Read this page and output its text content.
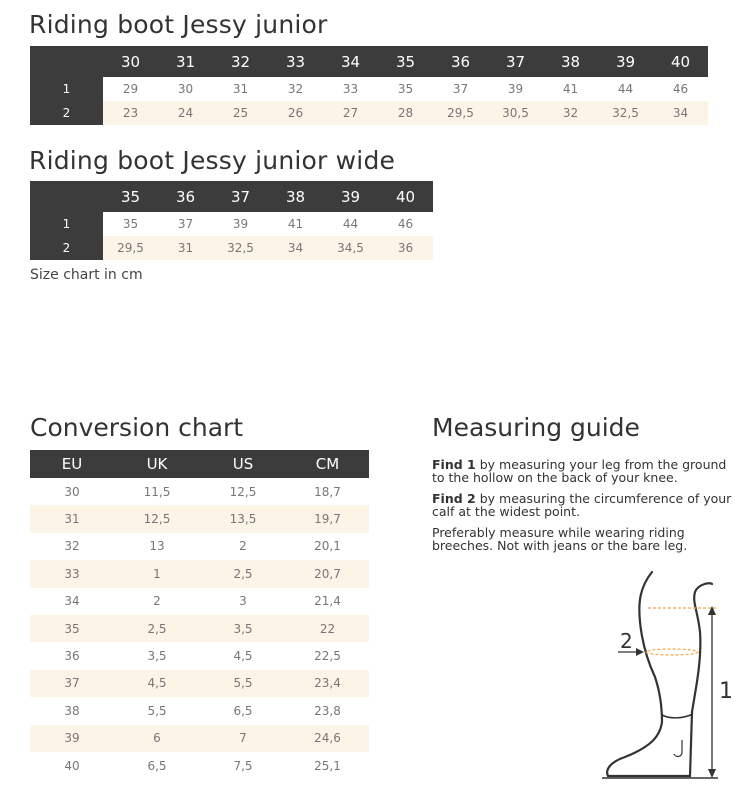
Riding boot Jessy junior
	30	31	32	33	34	35	36	37	38	39	40
1	29	30	31	32	33	35	37	39	41	44	46
2	23	24	25	26	27	28	29,5	30,5	32	32,5	34
Riding boot Jessy junior wide
	35	36	37	38	39	40
1	35	37	39	41	44	46
2	29,5	31	32,5	34	34,5	36
Size chart in cm
Conversion chart
EU	UK	US	CM
30	11,5	12,5	18,7
31	12,5	13,5	19,7
32	13	2	20,1
33	1	2,5	20,7
34	2	3	21,4
35	2,5	3,5	22
36	3,5	4,5	22,5
37	4,5	5,5	23,4
38	5,5	6,5	23,8
39	6	7	24,6
40	6,5	7,5	25,1
Measuring guide

Find 1 by measuring your leg from the ground to the hollow on the back of your knee.

Find 2 by measuring the circumference of your calf at the widest point.

Preferably measure while wearing riding breeches. Not with jeans or the bare leg.

2
1
